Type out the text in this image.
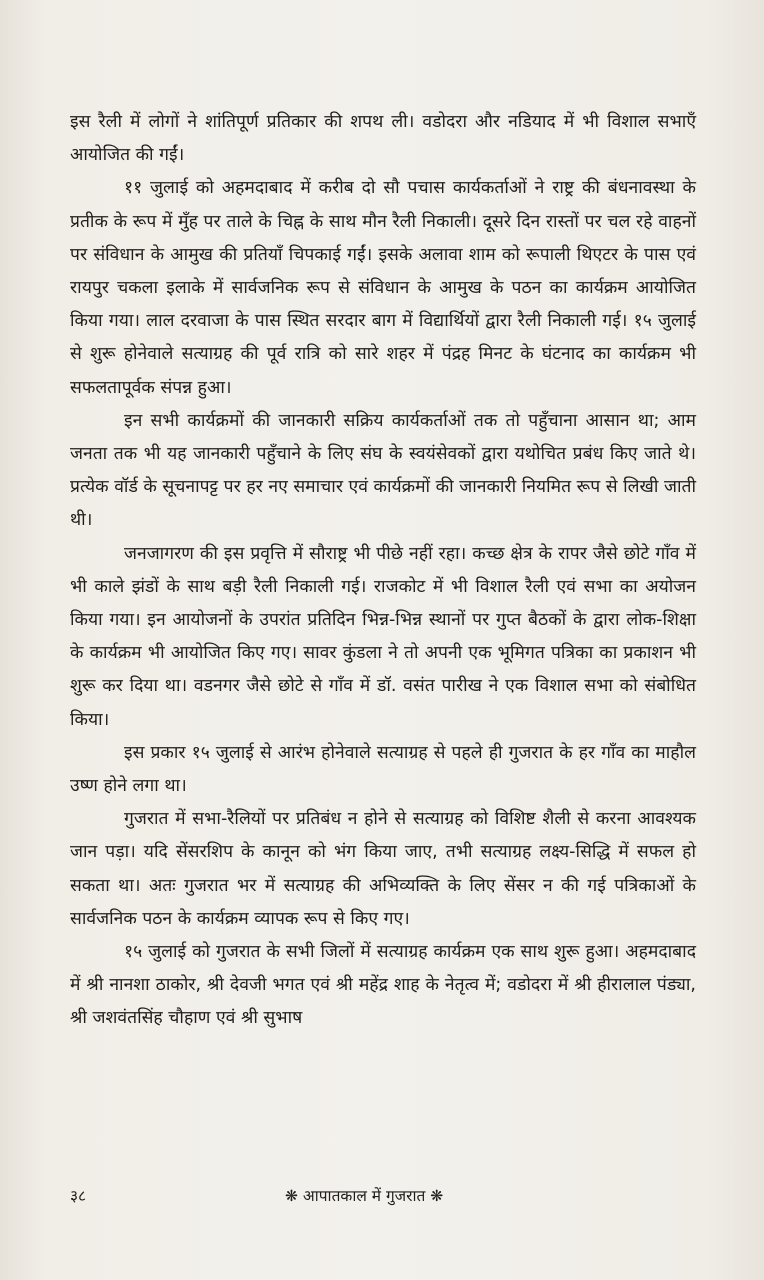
इस रैली में लोगों ने शांतिपूर्ण प्रतिकार की शपथ ली। वडोदरा और नडियाद में भी विशाल सभाएँ आयोजित की गईं।

११ जुलाई को अहमदाबाद में करीब दो सौ पचास कार्यकर्ताओं ने राष्ट्र की बंधनावस्था के प्रतीक के रूप में मुँह पर ताले के चिह्न के साथ मौन रैली निकाली। दूसरे दिन रास्तों पर चल रहे वाहनों पर संविधान के आमुख की प्रतियाँ चिपकाई गईं। इसके अलावा शाम को रूपाली थिएटर के पास एवं रायपुर चकला इलाके में सार्वजनिक रूप से संविधान के आमुख के पठन का कार्यक्रम आयोजित किया गया। लाल दरवाजा के पास स्थित सरदार बाग में विद्यार्थियों द्वारा रैली निकाली गई। १५ जुलाई से शुरू होनेवाले सत्याग्रह की पूर्व रात्रि को सारे शहर में पंद्रह मिनट के घंटनाद का कार्यक्रम भी सफलतापूर्वक संपन्न हुआ।

इन सभी कार्यक्रमों की जानकारी सक्रिय कार्यकर्ताओं तक तो पहुँचाना आसान था; आम जनता तक भी यह जानकारी पहुँचाने के लिए संघ के स्वयंसेवकों द्वारा यथोचित प्रबंध किए जाते थे। प्रत्येक वॉर्ड के सूचनापट्ट पर हर नए समाचार एवं कार्यक्रमों की जानकारी नियमित रूप से लिखी जाती थी।

जनजागरण की इस प्रवृत्ति में सौराष्ट्र भी पीछे नहीं रहा। कच्छ क्षेत्र के रापर जैसे छोटे गाँव में भी काले झंडों के साथ बड़ी रैली निकाली गई। राजकोट में भी विशाल रैली एवं सभा का अयोजन किया गया। इन आयोजनों के उपरांत प्रतिदिन भिन्न-भिन्न स्थानों पर गुप्त बैठकों के द्वारा लोक-शिक्षा के कार्यक्रम भी आयोजित किए गए। सावर कुंडला ने तो अपनी एक भूमिगत पत्रिका का प्रकाशन भी शुरू कर दिया था। वडनगर जैसे छोटे से गाँव में डॉ. वसंत पारीख ने एक विशाल सभा को संबोधित किया।

इस प्रकार १५ जुलाई से आरंभ होनेवाले सत्याग्रह से पहले ही गुजरात के हर गाँव का माहौल उष्ण होने लगा था।

गुजरात में सभा-रैलियों पर प्रतिबंध न होने से सत्याग्रह को विशिष्ट शैली से करना आवश्यक जान पड़ा। यदि सेंसरशिप के कानून को भंग किया जाए, तभी सत्याग्रह लक्ष्य-सिद्धि में सफल हो सकता था। अतः गुजरात भर में सत्याग्रह की अभिव्यक्ति के लिए सेंसर न की गई पत्रिकाओं के सार्वजनिक पठन के कार्यक्रम व्यापक रूप से किए गए।

१५ जुलाई को गुजरात के सभी जिलों में सत्याग्रह कार्यक्रम एक साथ शुरू हुआ। अहमदाबाद में श्री नानशा ठाकोर, श्री देवजी भगत एवं श्री महेंद्र शाह के नेतृत्व में; वडोदरा में श्री हीरालाल पंड्या, श्री जशवंतसिंह चौहाण एवं श्री सुभाष

३८	❋ आपातकाल में गुजरात ❋
